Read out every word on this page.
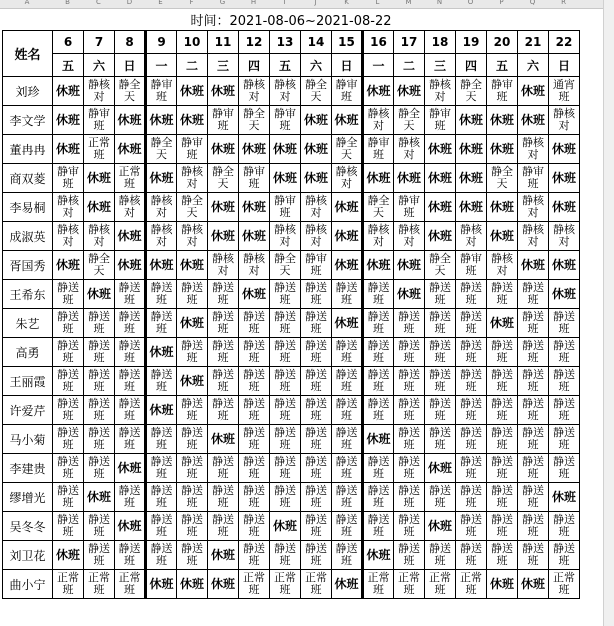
A	B	C	D	E	F	G	H	I	J	K	L	M	N	O	P	Q	R
时间：2021-08-06~2021-08-22																	
姓名	6	7	8	9	10	11	12	13	14	15	16	17	18	19	20	21	22
	五	六	日	一	二	三	四	五	六	日	一	二	三	四	五	六	日
刘珍	休班	静核对	静全天	静审班	休班	休班	静核对	静核对	静全天	静审班	休班	休班	静核对	静全天	静审班	休班	通宵班
李文学	休班	静审班	休班	休班	休班	静审班	静全天	静审班	休班	休班	静核对	静全天	静审班	休班	休班	休班	静核对
董冉冉	休班	正常班	休班	静全天	静审班	休班	休班	休班	休班	静全天	静审班	静核对	休班	休班	休班	静核对	休班
商双菱	静审班	休班	正常班	休班	静核对	静全天	静审班	休班	休班	静核对	休班	休班	休班	休班	静全天	静审班	休班
李易桐	静核对	休班	静核对	静核对	静全天	休班	休班	静审班	静核对	休班	静全天	静审班	休班	休班	休班	静核对	休班
成淑英	静核对	静核对	休班	静核对	静核对	休班	休班	静核对	静核对	休班	静核对	静核对	休班	静核对	休班	静核对	静核对
胥国秀	休班	静全天	休班	休班	休班	静核对	静核对	静全天	静审班	休班	休班	休班	静全天	静审班	静核对	休班	休班
王希东	静送班	休班	静送班	静送班	静送班	静送班	休班	静送班	静送班	静送班	静送班	休班	静送班	静送班	静送班	静送班	休班
朱艺	静送班	静送班	静送班	静送班	休班	静送班	静送班	静送班	静送班	休班	静送班	静送班	静送班	静送班	休班	静送班	静送班
高勇	静送班	静送班	静送班	休班	静送班	静送班	静送班	静送班	静送班	静送班	静送班	静送班	静送班	静送班	静送班	静送班	静送班
王丽霞	静送班	静送班	静送班	静送班	休班	静送班	静送班	静送班	静送班	静送班	静送班	静送班	静送班	静送班	静送班	静送班	静送班
许爱芹	静送班	静送班	静送班	休班	静送班	静送班	静送班	静送班	静送班	静送班	静送班	静送班	静送班	静送班	静送班	静送班	静送班
马小菊	静送班	静送班	静送班	静送班	静送班	休班	静送班	静送班	静送班	静送班	休班	静送班	静送班	静送班	静送班	静送班	静送班
李建贵	静送班	静送班	休班	静送班	静送班	静送班	静送班	静送班	静送班	静送班	静送班	静送班	休班	静送班	静送班	静送班	静送班
缪增光	静送班	休班	静送班	静送班	静送班	静送班	静送班	静送班	静送班	静送班	静送班	静送班	静送班	静送班	静送班	静送班	休班
吴冬冬	静送班	静送班	休班	静送班	静送班	静送班	静送班	休班	静送班	静送班	静送班	静送班	休班	静送班	静送班	静送班	静送班
刘卫花	休班	静送班	静送班	静送班	静送班	休班	静送班	静送班	静送班	静送班	休班	静送班	静送班	静送班	静送班	静送班	静送班
曲小宁	正常班	正常班	正常班	休班	休班	休班	正常班	正常班	正常班	休班	正常班	正常班	正常班	正常班	休班	休班	正常班
